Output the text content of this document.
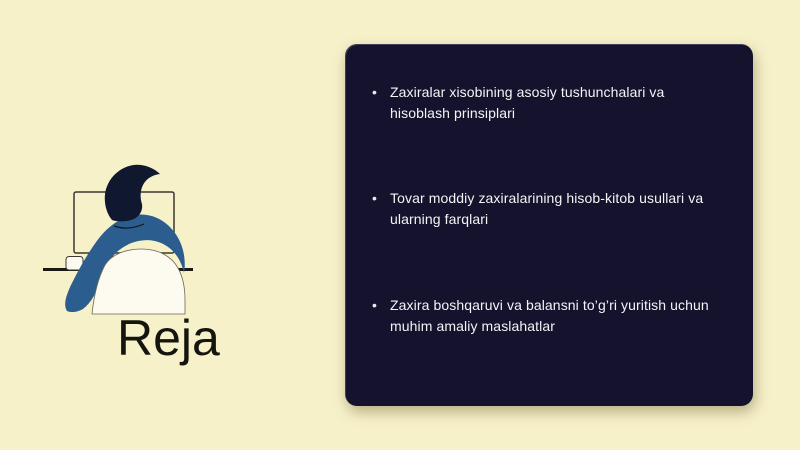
Reja
• Zaxiralar xisobining asosiy tushunchalari va
hisoblash prinsiplari
• Tovar moddiy zaxiralarining hisob-kitob usullari va
ularning farqlari
• Zaxira boshqaruvi va balansni to’g’ri yuritish uchun
muhim amaliy maslahatlar
